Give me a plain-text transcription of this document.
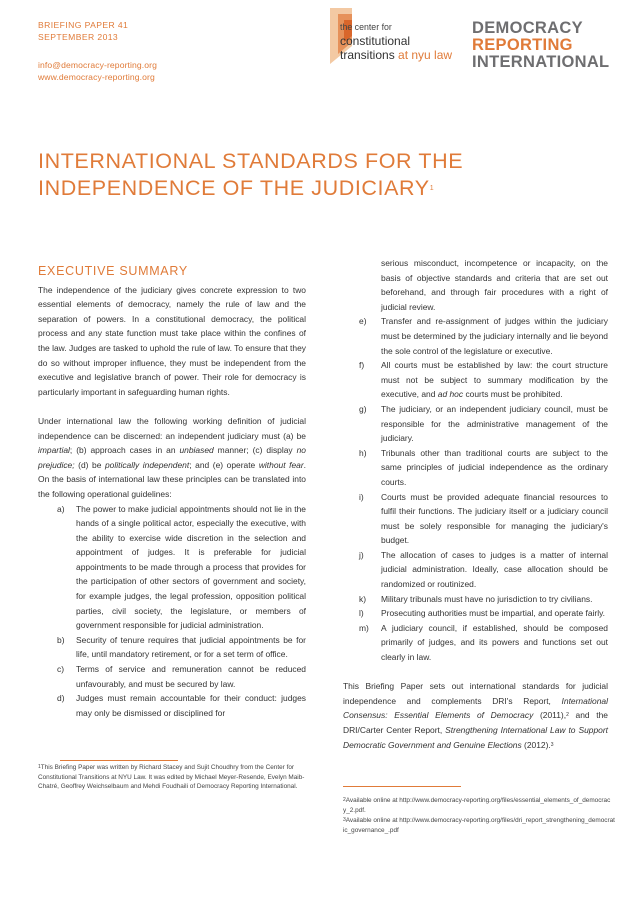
BRIEFING PAPER 41
SEPTEMBER 2013
info@democracy-reporting.org
www.democracy-reporting.org
the center for
constitutional
transitions at nyu law
DEMOCRACY
REPORTING
INTERNATIONAL
INTERNATIONAL STANDARDS FOR THE
INDEPENDENCE OF THE JUDICIARY$^1$
EXECUTIVE SUMMARY

The independence of the judiciary gives concrete expression to two essential elements of democracy, namely the rule of law and the separation of powers. In a constitutional democracy, the political process and any state function must take place within the confines of the law. Judges are tasked to uphold the rule of law. To ensure that they do so without improper influence, they must be independent from the executive and legislative branch of power. Their role for democracy is particularly important in safeguarding human rights.

Under international law the following working definition of judicial independence can be discerned: an independent judiciary must (a) be impartial; (b) approach cases in an unbiased manner; (c) display no prejudice; (d) be politically independent; and (e) operate without fear. On the basis of international law these principles can be translated into the following operational guidelines:

a) The power to make judicial appointments should not lie in the hands of a single political actor, especially the executive, with the ability to exercise wide discretion in the selection and appointment of judges. It is preferable for judicial appointments to be made through a process that provides for the participation of other sectors of government and society, for example judges, the legal profession, opposition political parties, civil society, the legislature, or members of government responsible for judicial administration.
b) Security of tenure requires that judicial appointments be for life, until mandatory retirement, or for a set term of office.
c) Terms of service and remuneration cannot be reduced unfavourably, and must be secured by law.
d) Judges must remain accountable for their conduct: judges may only be dismissed or disciplined for
serious misconduct, incompetence or incapacity, on the basis of objective standards and criteria that are set out beforehand, and through fair procedures with a right of judicial review.
e) Transfer and re-assignment of judges within the judiciary must be determined by the judiciary internally and lie beyond the sole control of the legislature or executive.
f) All courts must be established by law: the court structure must not be subject to summary modification by the executive, and ad hoc courts must be prohibited.
g) The judiciary, or an independent judiciary council, must be responsible for the administrative management of the judiciary.
h) Tribunals other than traditional courts are subject to the same principles of judicial independence as the ordinary courts.
i) Courts must be provided adequate financial resources to fulfil their functions. The judiciary itself or a judiciary council must be solely responsible for managing the judiciary's budget.
j) The allocation of cases to judges is a matter of internal judicial administration. Ideally, case allocation should be randomized or routinized.
k) Military tribunals must have no jurisdiction to try civilians.
l) Prosecuting authorities must be impartial, and operate fairly.
m) A judiciary council, if established, should be composed primarily of judges, and its powers and functions set out clearly in law.

This Briefing Paper sets out international standards for judicial independence and complements DRI's Report, International Consensus: Essential Elements of Democracy (2011),$^2$ and the DRI/Carter Center Report, Strengthening International Law to Support Democratic Government and Genuine Elections (2012).$^3$

$^1$This Briefing Paper was written by Richard Stacey and Sujit Choudhry from the Center for Constitutional Transitions at NYU Law. It was edited by Michael Meyer-Resende, Evelyn Maib-Chatré, Geoffrey Weichselbaum and Mehdi Foudhaili of Democracy Reporting International.
$^2$Available online at http://www.democracy-reporting.org/files/essential_elements_of_democracy_2.pdf.
$^3$Available online at http://www.democracy-reporting.org/files/dri_report_strengthening_democratic_governance_.pdf
